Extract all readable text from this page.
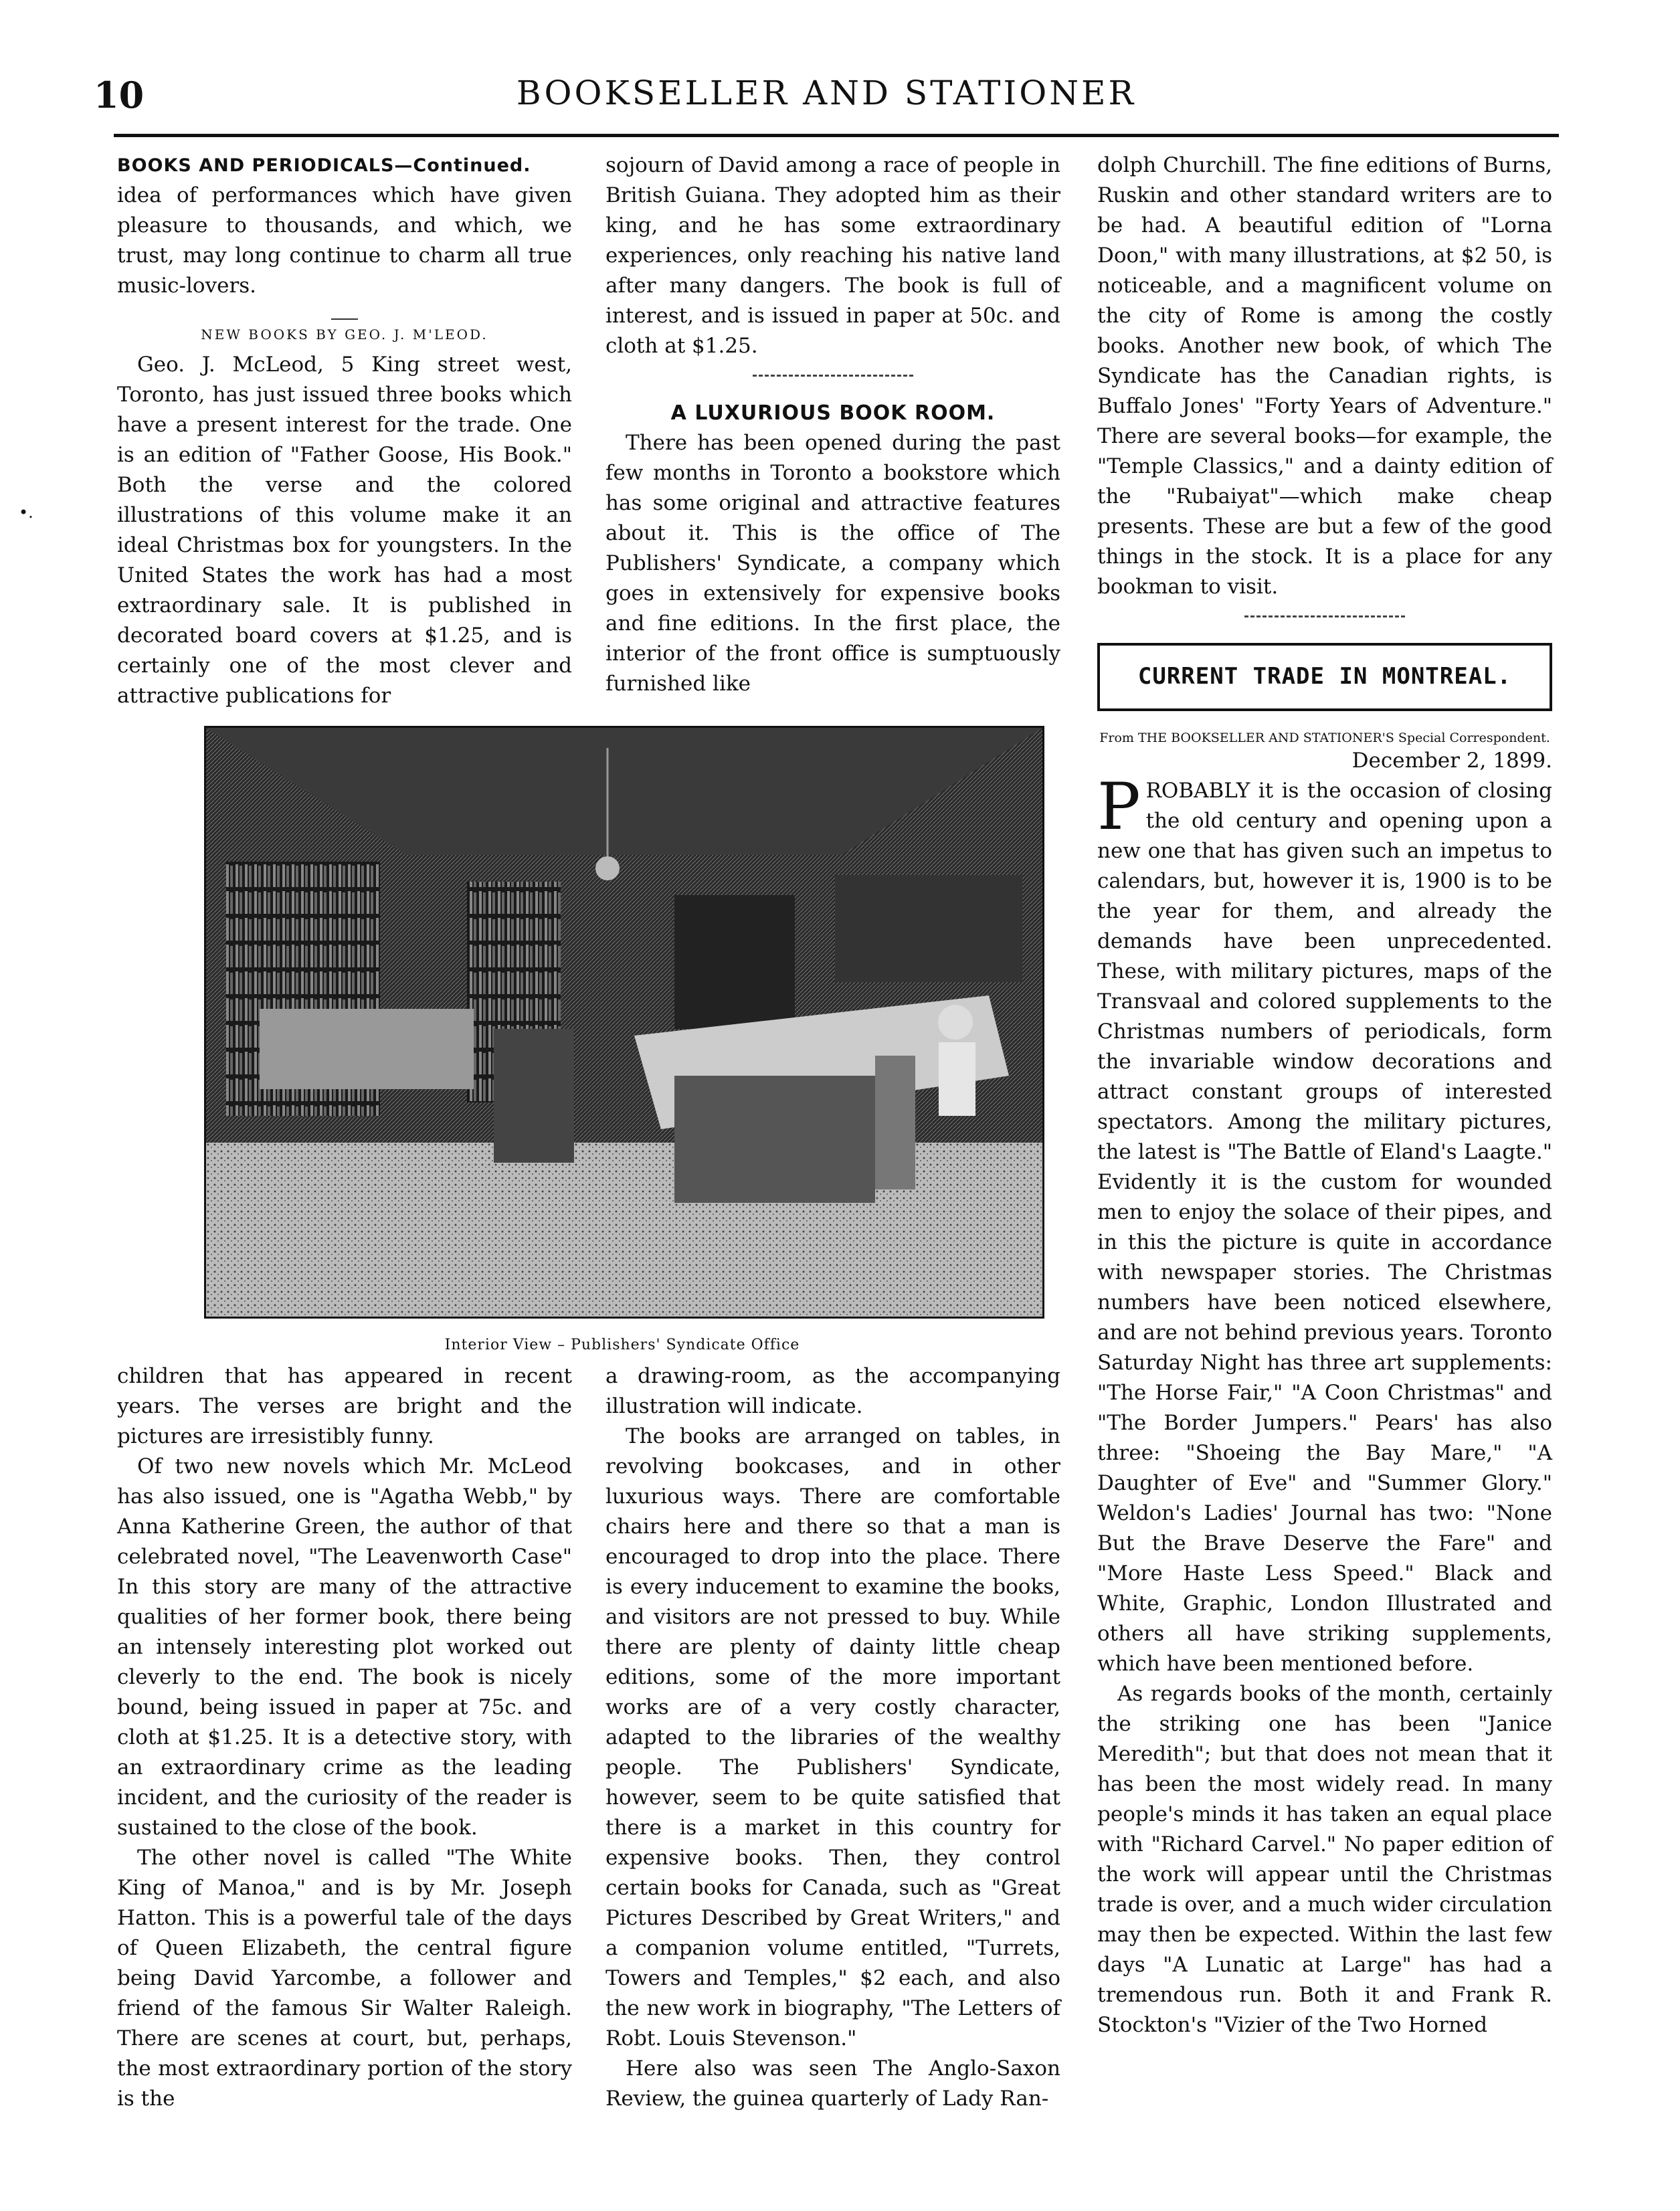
10	BOOKSELLER AND STATIONER
•.

BOOKS AND PERIODICALS—Continued.

idea of performances which have given pleasure to thousands, and which, we trust, may long continue to charm all true music-lovers.

NEW BOOKS BY GEO. J. M'LEOD.

Geo. J. McLeod, 5 King street west, Toronto, has just issued three books which have a present interest for the trade. One is an edition of "Father Goose, His Book." Both the verse and the colored illustrations of this volume make it an ideal Christmas box for youngsters. In the United States the work has had a most extraordinary sale. It is published in decorated board covers at $1.25, and is certainly one of the most clever and attractive publications for

sojourn of David among a race of people in British Guiana. They adopted him as their king, and he has some extraordinary experiences, only reaching his native land after many dangers. The book is full of interest, and is issued in paper at 50c. and cloth at $1.25.

A LUXURIOUS BOOK ROOM.

There has been opened during the past few months in Toronto a bookstore which has some original and attractive features about it. This is the office of The Publishers' Syndicate, a company which goes in extensively for expensive books and fine editions. In the first place, the interior of the front office is sumptuously furnished like

dolph Churchill. The fine editions of Burns, Ruskin and other standard writers are to be had. A beautiful edition of "Lorna Doon," with many illustrations, at $2 50, is noticeable, and a magnificent volume on the city of Rome is among the costly books. Another new book, of which The Syndicate has the Canadian rights, is Buffalo Jones' "Forty Years of Adventure." There are several books—for example, the "Temple Classics," and a dainty edition of the "Rubaiyat"—which make cheap presents. These are but a few of the good things in the stock. It is a place for any bookman to visit.

CURRENT TRADE IN MONTREAL.

From THE BOOKSELLER AND STATIONER'S Special Correspondent.

December 2, 1899.

PROBABLY it is the occasion of closing the old century and opening upon a new one that has given such an impetus to calendars, but, however it is, 1900 is to be the year for them, and already the demands have been unprecedented. These, with military pictures, maps of the Transvaal and colored supplements to the Christmas numbers of periodicals, form the invariable window decorations and attract constant groups of interested spectators. Among the military pictures, the latest is "The Battle of Eland's Laagte." Evidently it is the custom for wounded men to enjoy the solace of their pipes, and in this the picture is quite in accordance with newspaper stories. The Christmas numbers have been noticed elsewhere, and are not behind previous years. Toronto Saturday Night has three art supplements: "The Horse Fair," "A Coon Christmas" and "The Border Jumpers." Pears' has also three: "Shoeing the Bay Mare," "A Daughter of Eve" and "Summer Glory." Weldon's Ladies' Journal has two: "None But the Brave Deserve the Fare" and "More Haste Less Speed." Black and White, Graphic, London Illustrated and others all have striking supplements, which have been mentioned before.

As regards books of the month, certainly the striking one has been "Janice Meredith"; but that does not mean that it has been the most widely read. In many people's minds it has taken an equal place with "Richard Carvel." No paper edition of the work will appear until the Christmas trade is over, and a much wider circulation may then be expected. Within the last few days "A Lunatic at Large" has had a tremendous run. Both it and Frank R. Stockton's "Vizier of the Two Horned

Interior View – Publishers' Syndicate Office

children that has appeared in recent years. The verses are bright and the pictures are irresistibly funny.

Of two new novels which Mr. McLeod has also issued, one is "Agatha Webb," by Anna Katherine Green, the author of that celebrated novel, "The Leavenworth Case" In this story are many of the attractive qualities of her former book, there being an intensely interesting plot worked out cleverly to the end. The book is nicely bound, being issued in paper at 75c. and cloth at $1.25. It is a detective story, with an extraordinary crime as the leading incident, and the curiosity of the reader is sustained to the close of the book.

The other novel is called "The White King of Manoa," and is by Mr. Joseph Hatton. This is a powerful tale of the days of Queen Elizabeth, the central figure being David Yarcombe, a follower and friend of the famous Sir Walter Raleigh. There are scenes at court, but, perhaps, the most extraordinary portion of the story is the

a drawing-room, as the accompanying illustration will indicate.

The books are arranged on tables, in revolving bookcases, and in other luxurious ways. There are comfortable chairs here and there so that a man is encouraged to drop into the place. There is every inducement to examine the books, and visitors are not pressed to buy. While there are plenty of dainty little cheap editions, some of the more important works are of a very costly character, adapted to the libraries of the wealthy people. The Publishers' Syndicate, however, seem to be quite satisfied that there is a market in this country for expensive books. Then, they control certain books for Canada, such as "Great Pictures Described by Great Writers," and a companion volume entitled, "Turrets, Towers and Temples," $2 each, and also the new work in biography, "The Letters of Robt. Louis Stevenson."

Here also was seen The Anglo-Saxon Review, the guinea quarterly of Lady Ran-
